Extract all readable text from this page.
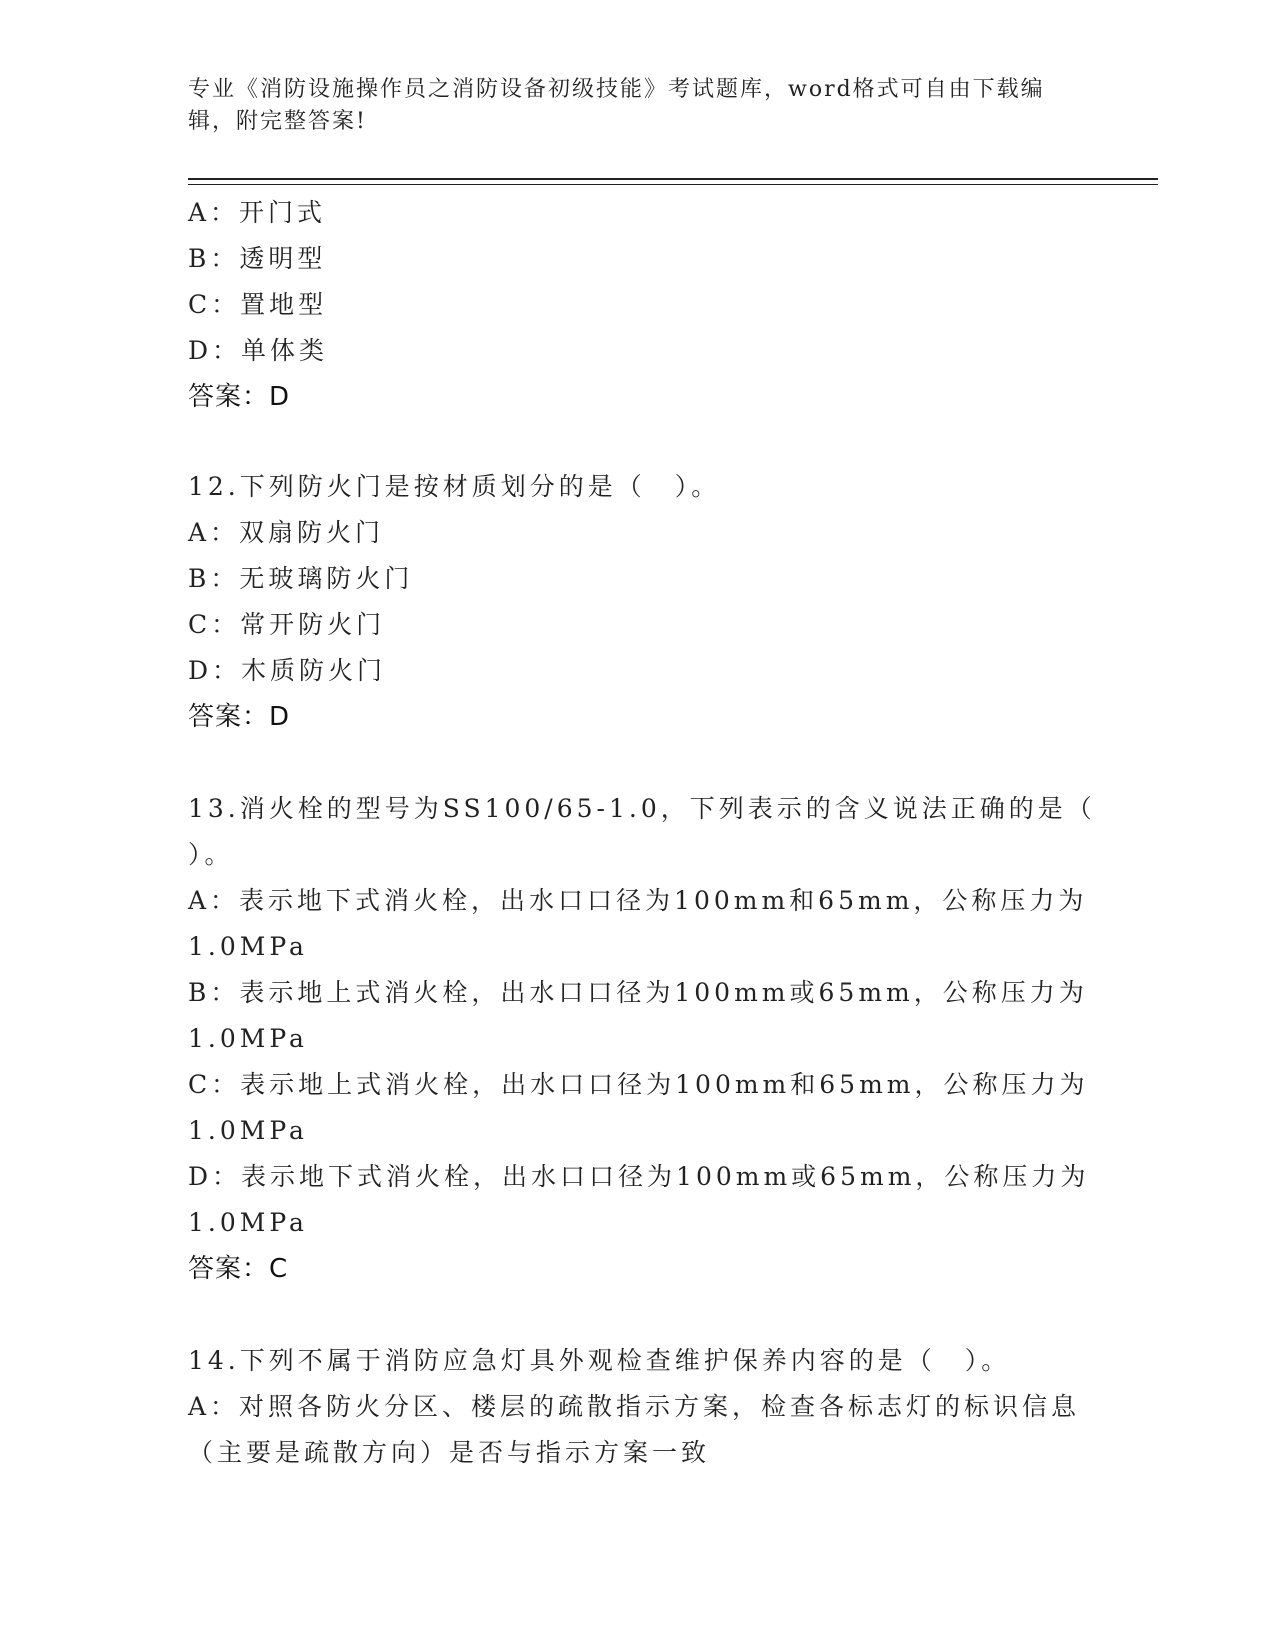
专业《消防设施操作员之消防设备初级技能》考试题库，word格式可自由下载编
辑，附完整答案!
A：开门式
B：透明型
C：置地型
D：单体类
答案：D
12.下列防火门是按材质划分的是（　）。
A：双扇防火门
B：无玻璃防火门
C：常开防火门
D：木质防火门
答案：D
13.消火栓的型号为SS100/65-1.0，下列表示的含义说法正确的是（
）。
A：表示地下式消火栓，出水口口径为100mm和65mm，公称压力为
1.0MPa
B：表示地上式消火栓，出水口口径为100mm或65mm，公称压力为
1.0MPa
C：表示地上式消火栓，出水口口径为100mm和65mm，公称压力为
1.0MPa
D：表示地下式消火栓，出水口口径为100mm或65mm，公称压力为
1.0MPa
答案：C
14.下列不属于消防应急灯具外观检查维护保养内容的是（　）。
A：对照各防火分区、楼层的疏散指示方案，检查各标志灯的标识信息
（主要是疏散方向）是否与指示方案一致
